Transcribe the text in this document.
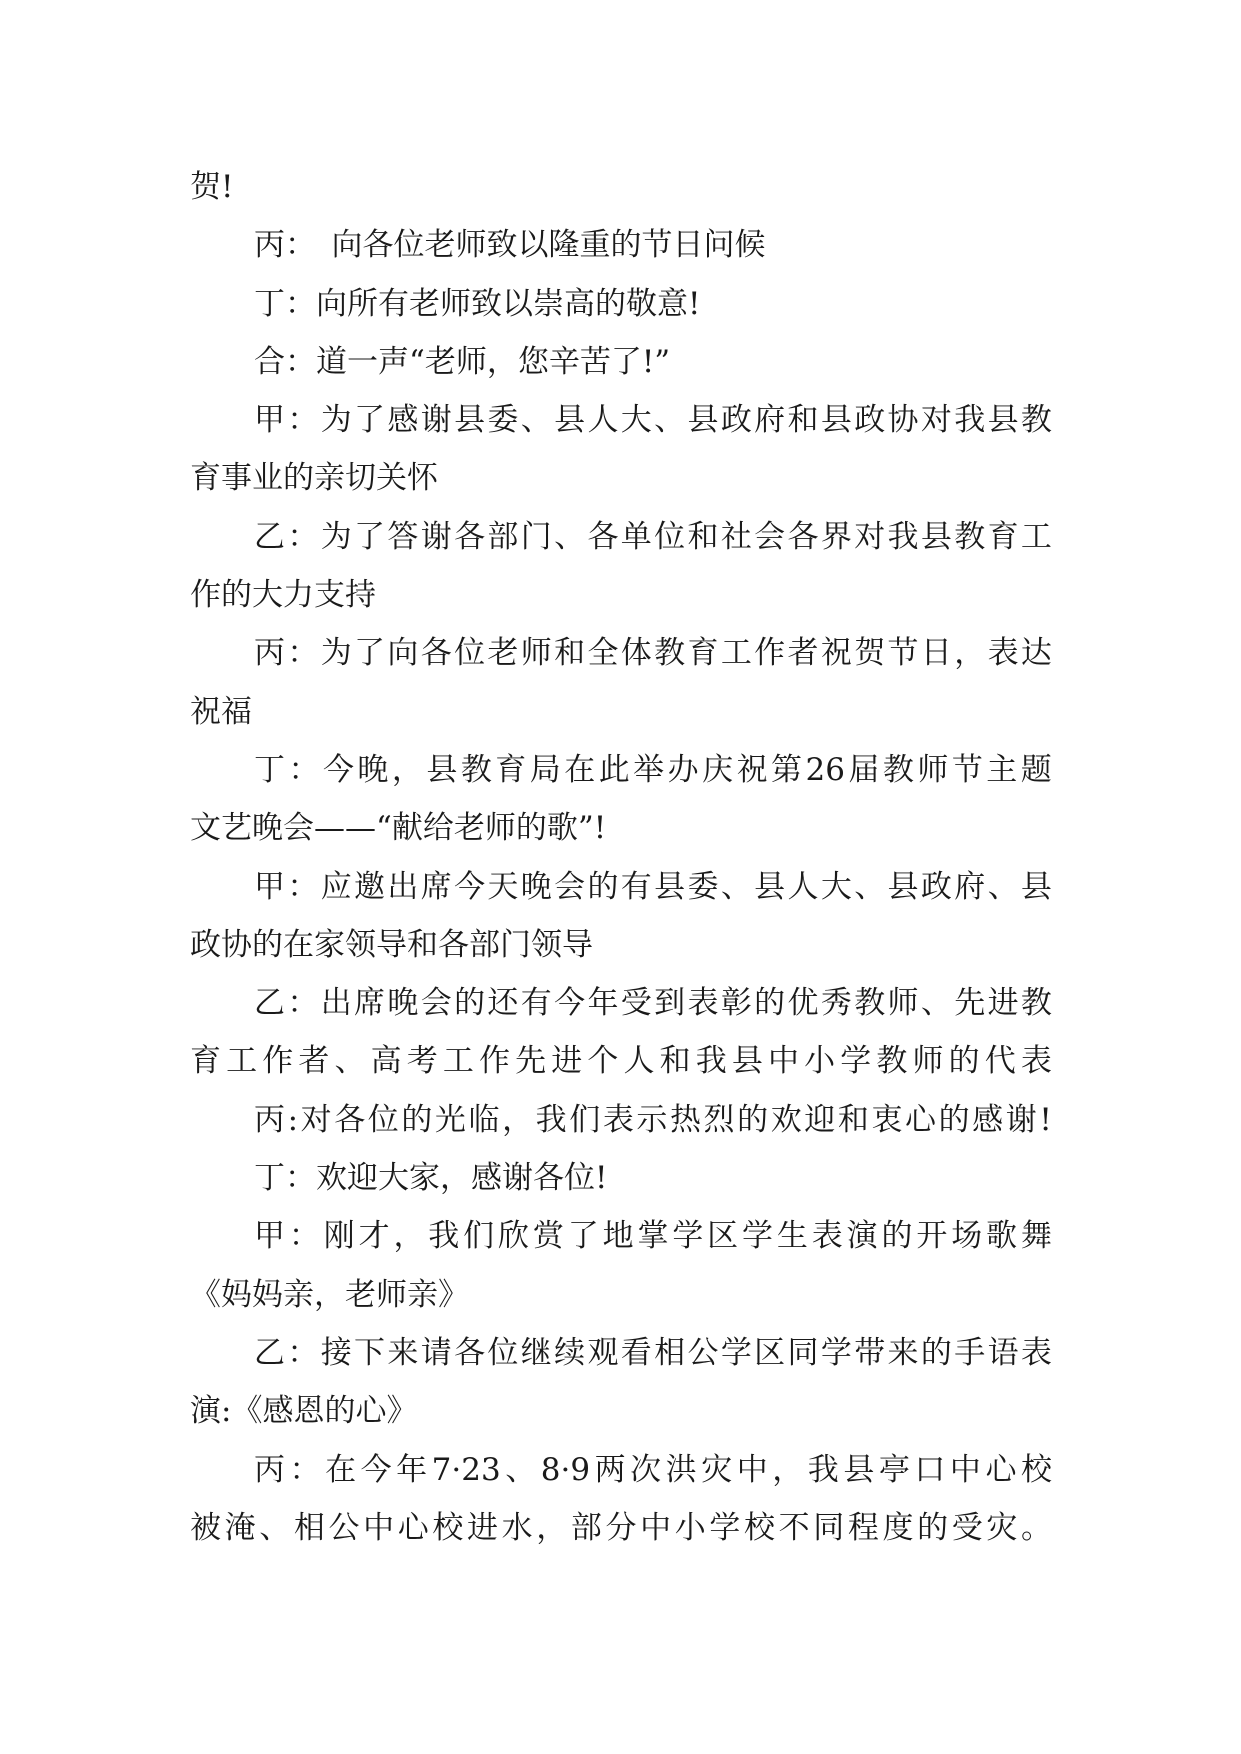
贺!
丙：　向各位老师致以隆重的节日问候
丁：向所有老师致以崇高的敬意!
合：道一声“老师，您辛苦了!”
甲 ： 为 了 感 谢 县 委 、 县 人 大 、 县 政 府 和 县 政 协 对 我 县 教
育事业的亲切关怀
乙 ： 为 了 答 谢 各 部 门 、 各 单 位 和 社 会 各 界 对 我 县 教 育 工
作的大力支持
丙 ： 为 了 向 各 位 老 师 和 全 体 教 育 工 作 者 祝 贺 节 日 ， 表 达
祝福
丁 ： 今 晚 ， 县 教 育 局 在 此 举 办 庆 祝 第 26 届 教 师 节 主 题
文艺晚会——“献给老师的歌”!
甲 ： 应 邀 出 席 今 天 晚 会 的 有 县 委 、 县 人 大 、 县 政 府 、 县
政协的在家领导和各部门领导
乙 ： 出 席 晚 会 的 还 有 今 年 受 到 表 彰 的 优 秀 教 师 、 先 进 教
育 工 作 者 、 高 考 工 作 先 进 个 人 和 我 县 中 小 学 教 师 的 代 表
丙 : 对 各 位 的 光 临 ， 我 们 表 示 热 烈 的 欢 迎 和 衷 心 的 感 谢 !
丁：欢迎大家，感谢各位!
甲 ： 刚 才 ， 我 们 欣 赏 了 地 掌 学 区 学 生 表 演 的 开 场 歌 舞
《妈妈亲，老师亲》
乙 ： 接 下 来 请 各 位 继 续 观 看 相 公 学 区 同 学 带 来 的 手 语 表
演:《感恩的心》
丙 ： 在 今 年 7·23 、 8·9 两 次 洪 灾 中 ， 我 县 亭 口 中 心 校
被 淹 、 相 公 中 心 校 进 水 ， 部 分 中 小 学 校 不 同 程 度 的 受 灾 。
